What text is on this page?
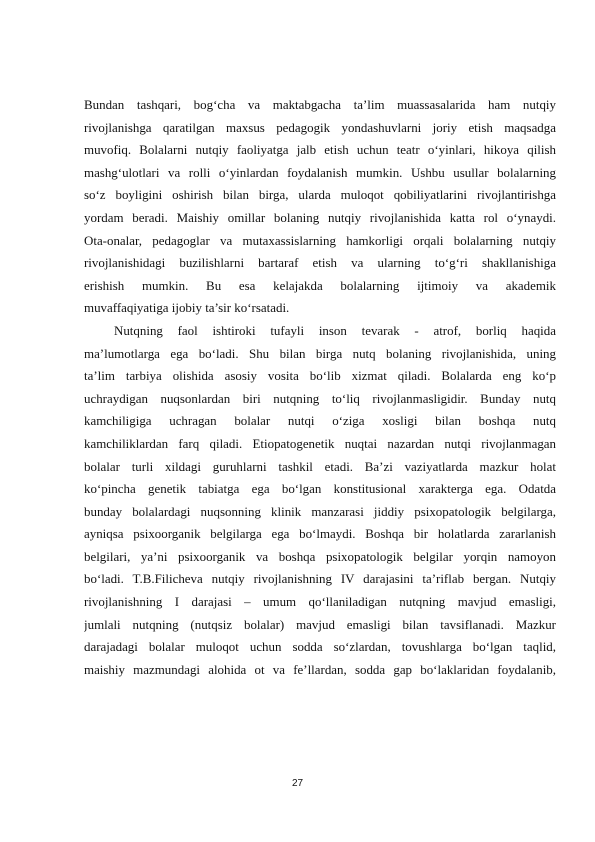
Bundan tashqari, bog‘cha va maktabgacha ta’lim muassasalarida ham nutqiy
rivojlanishga qaratilgan maxsus pedagogik yondashuvlarni joriy etish maqsadga
muvofiq. Bolalarni nutqiy faoliyatga jalb etish uchun teatr o‘yinlari, hikoya qilish
mashg‘ulotlari va rolli o‘yinlardan foydalanish mumkin. Ushbu usullar bolalarning
so‘z boyligini oshirish bilan birga, ularda muloqot qobiliyatlarini rivojlantirishga
yordam beradi. Maishiy omillar bolaning nutqiy rivojlanishida katta rol o‘ynaydi.
Ota-onalar, pedagoglar va mutaxassislarning hamkorligi orqali bolalarning nutqiy
rivojlanishidagi buzilishlarni bartaraf etish va ularning to‘g‘ri shakllanishiga
erishish mumkin. Bu esa kelajakda bolalarning ijtimoiy va akademik
muvaffaqiyatiga ijobiy ta’sir ko‘rsatadi.
Nutqning faol ishtiroki tufayli inson tevarak - atrof, borliq haqida
ma’lumotlarga ega bo‘ladi. Shu bilan birga nutq bolaning rivojlanishida, uning
ta’lim tarbiya olishida asosiy vosita bo‘lib xizmat qiladi. Bolalarda eng ko‘p
uchraydigan nuqsonlardan biri nutqning to‘liq rivojlanmasligidir. Bunday nutq
kamchiligiga uchragan bolalar nutqi o‘ziga xosligi bilan boshqa nutq
kamchiliklardan farq qiladi. Etiopatogenetik nuqtai nazardan nutqi rivojlanmagan
bolalar turli xildagi guruhlarni tashkil etadi. Ba’zi vaziyatlarda mazkur holat
ko‘pincha genetik tabiatga ega bo‘lgan konstitusional xarakterga ega. Odatda
bunday bolalardagi nuqsonning klinik manzarasi jiddiy psixopatologik belgilarga,
ayniqsa psixoorganik belgilarga ega bo‘lmaydi. Boshqa bir holatlarda zararlanish
belgilari, ya’ni psixoorganik va boshqa psixopatologik belgilar yorqin namoyon
bo‘ladi. T.B.Filicheva nutqiy rivojlanishning IV darajasini ta’riflab bergan. Nutqiy
rivojlanishning I darajasi – umum qo‘llaniladigan nutqning mavjud emasligi,
jumlali nutqning (nutqsiz bolalar) mavjud emasligi bilan tavsiflanadi. Mazkur
darajadagi bolalar muloqot uchun sodda so‘zlardan, tovushlarga bo‘lgan taqlid,
maishiy mazmundagi alohida ot va fe’llardan, sodda gap bo‘laklaridan foydalanib,
27
